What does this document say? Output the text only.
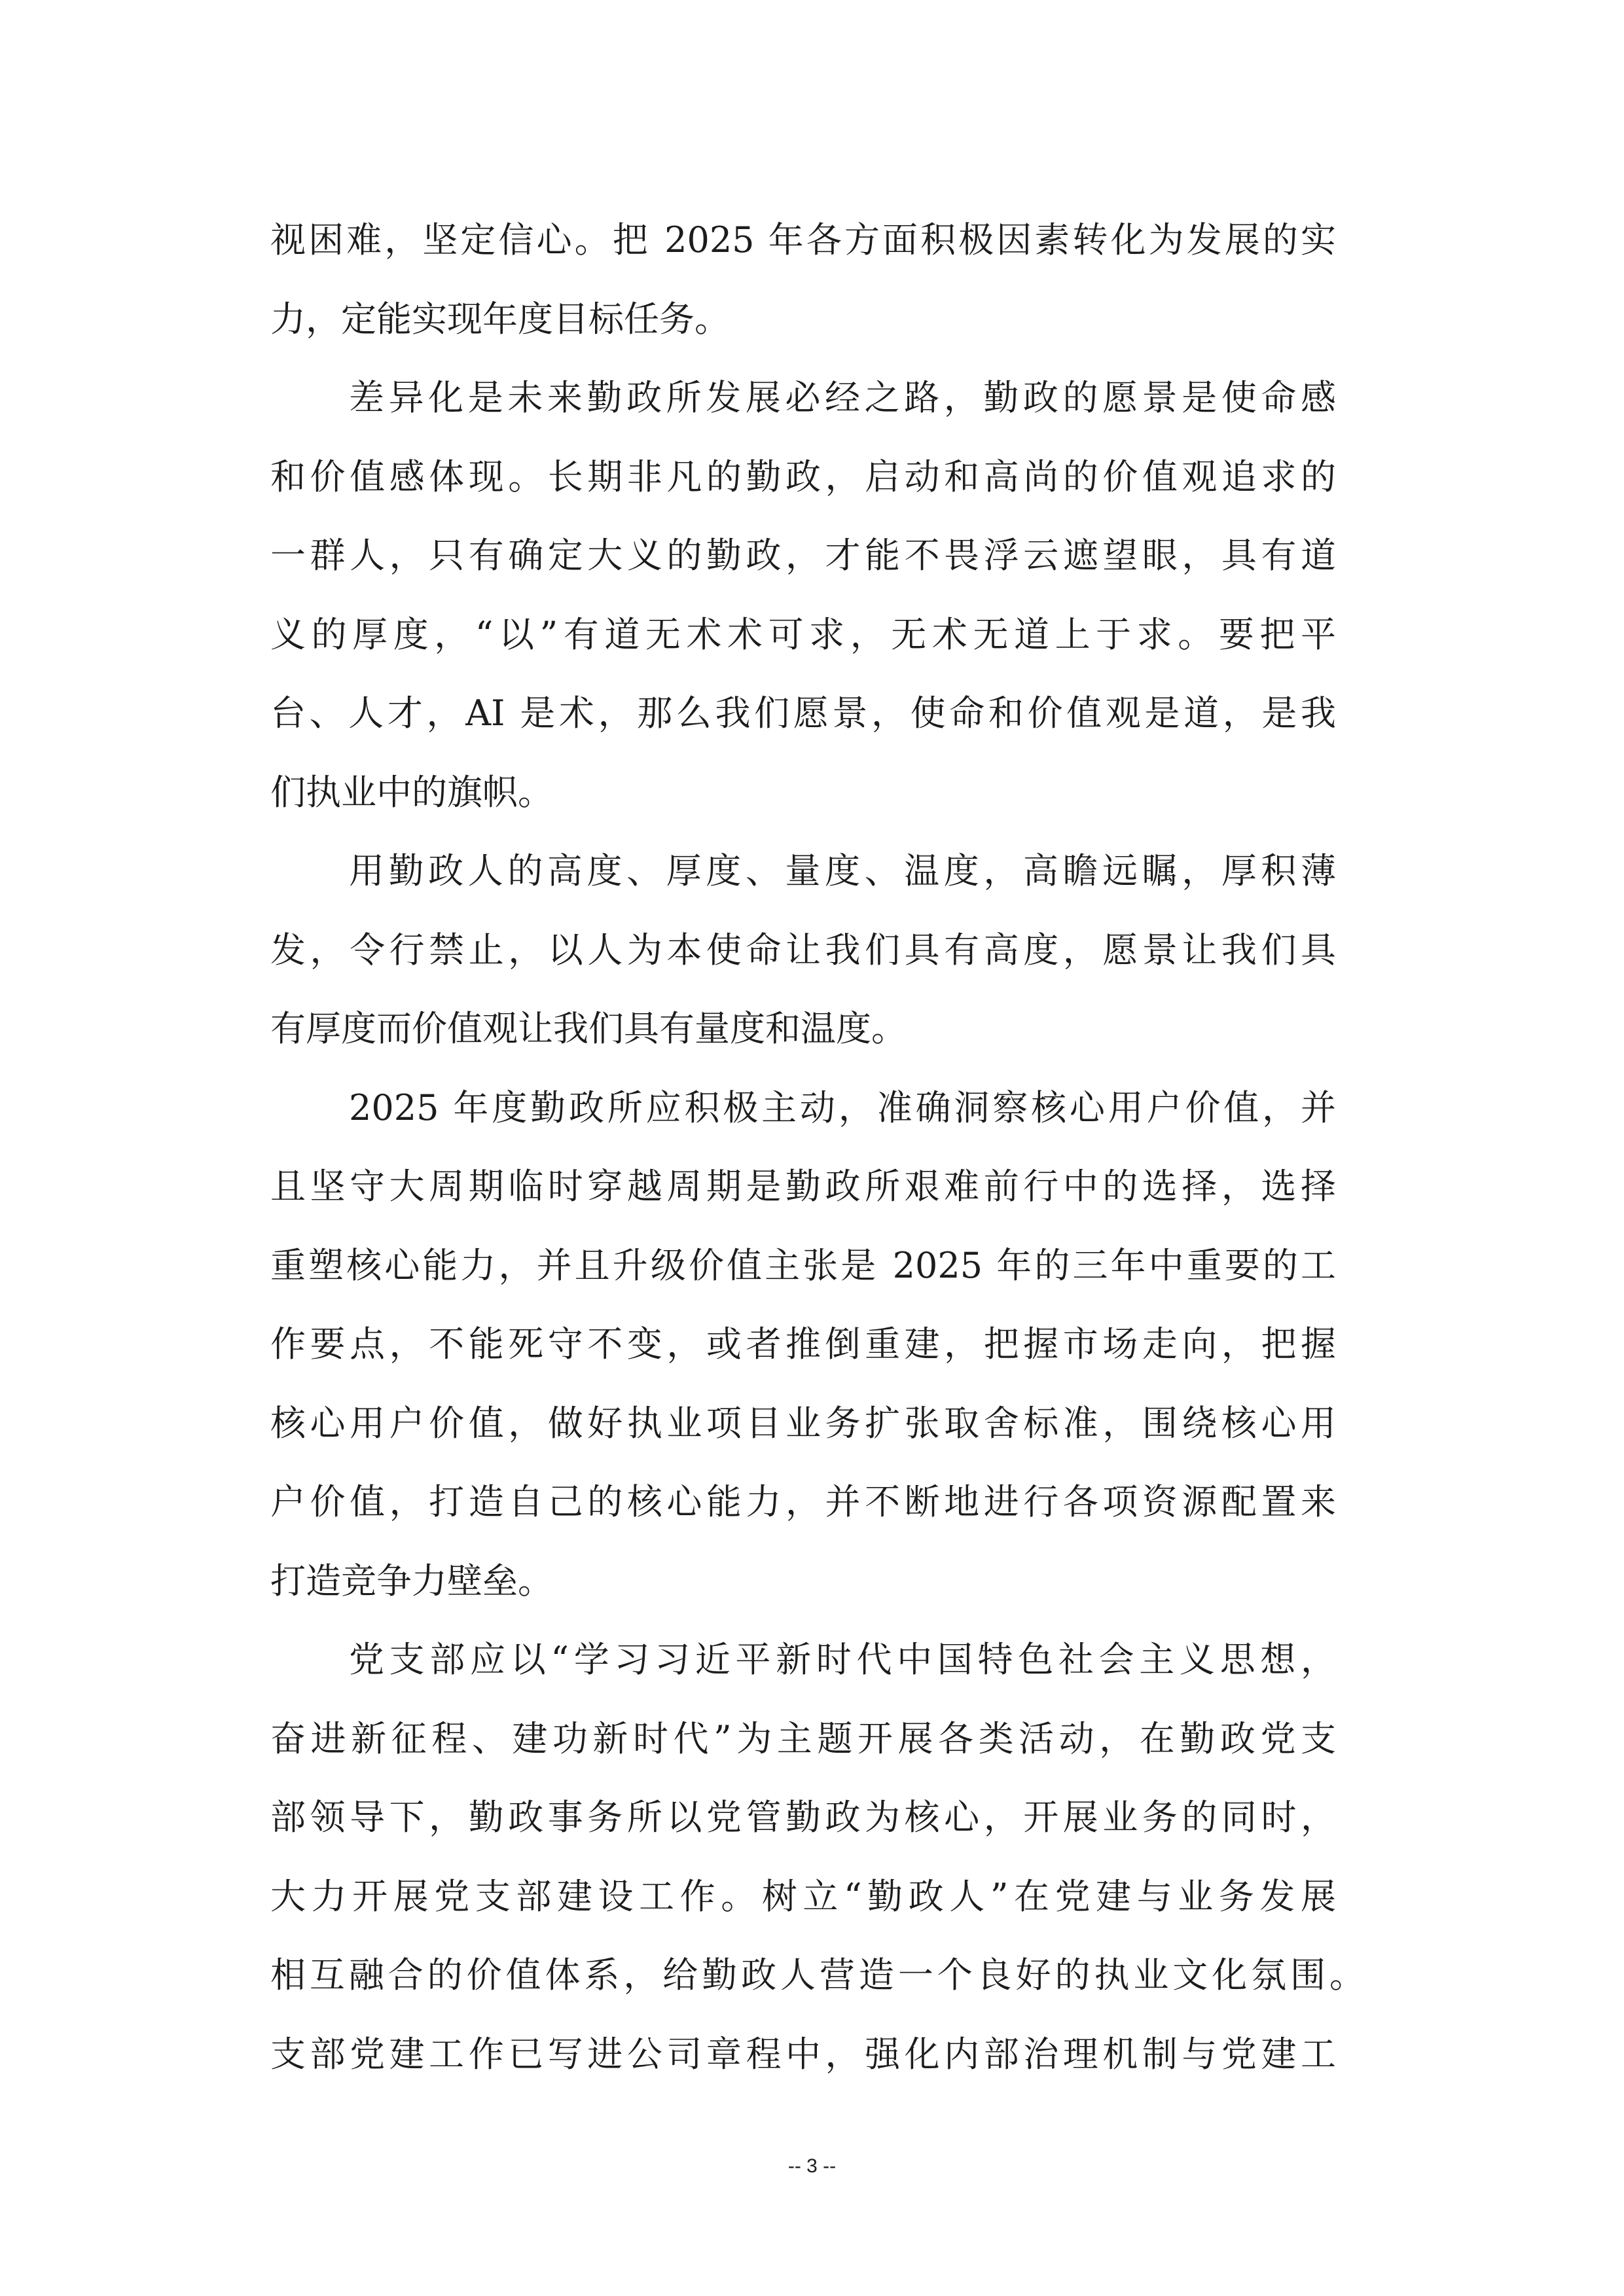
视困难，坚定信心。把 2025 年各方面积极因素转化为发展的实
力，定能实现年度目标任务。
差异化是未来勤政所发展必经之路，勤政的愿景是使命感
和价值感体现。长期非凡的勤政，启动和高尚的价值观追求的
一群人，只有确定大义的勤政，才能不畏浮云遮望眼，具有道
义的厚度，“以”有道无术术可求，无术无道上于求。要把平
台、人才，AI 是术，那么我们愿景，使命和价值观是道，是我
们执业中的旗帜。
用勤政人的高度、厚度、量度、温度，高瞻远瞩，厚积薄
发，令行禁止，以人为本使命让我们具有高度，愿景让我们具
有厚度而价值观让我们具有量度和温度。
2025 年度勤政所应积极主动，准确洞察核心用户价值，并
且坚守大周期临时穿越周期是勤政所艰难前行中的选择，选择
重塑核心能力，并且升级价值主张是 2025 年的三年中重要的工
作要点，不能死守不变，或者推倒重建，把握市场走向，把握
核心用户价值，做好执业项目业务扩张取舍标准，围绕核心用
户价值，打造自己的核心能力，并不断地进行各项资源配置来
打造竞争力壁垒。
党支部应以“学习习近平新时代中国特色社会主义思想，
奋进新征程、建功新时代”为主题开展各类活动，在勤政党支
部领导下，勤政事务所以党管勤政为核心，开展业务的同时，
大力开展党支部建设工作。树立“勤政人”在党建与业务发展
相互融合的价值体系，给勤政人营造一个良好的执业文化氛围。
支部党建工作已写进公司章程中，强化内部治理机制与党建工
-- 3 --
